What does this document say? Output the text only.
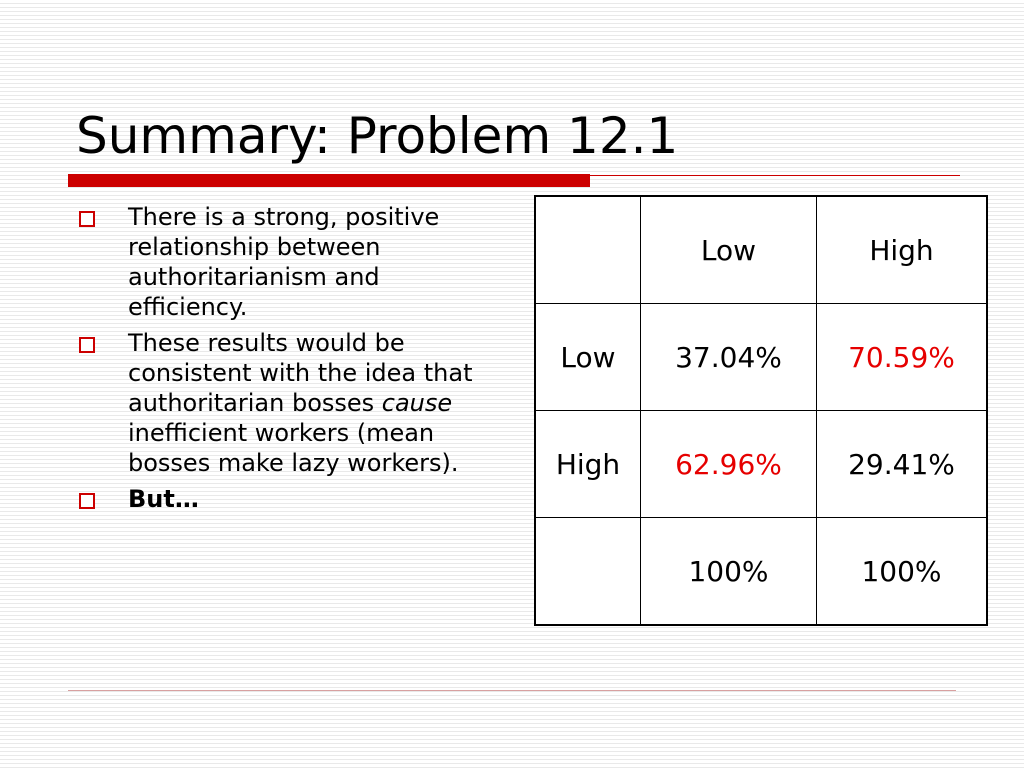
Summary: Problem 12.1
There is a strong, positive relationship between authoritarianism and efficiency.
These results would be consistent with the idea that authoritarian bosses cause inefficient workers (mean bosses make lazy workers).
But…
	Low	High
Low	37.04%	70.59%
High	62.96%	29.41%
	100%	100%
